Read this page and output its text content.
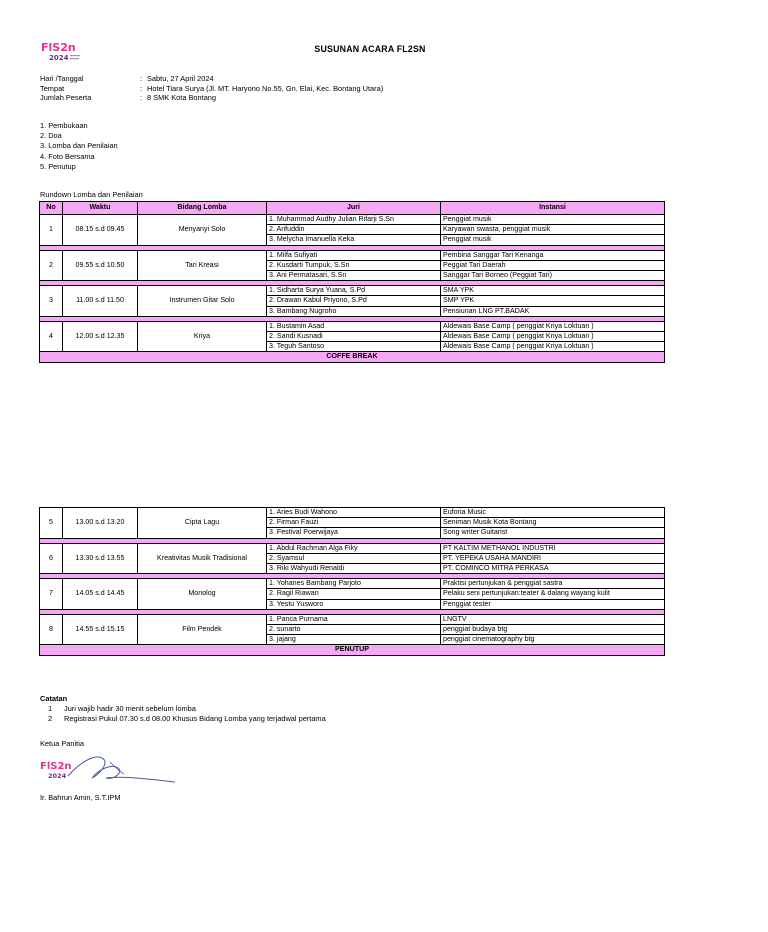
FlS2n
2024
SUSUNAN ACARA FL2SN
Hari /Tanggal	: Sabtu, 27 April 2024
Tempat	: Hotel Tiara Surya (Jl. MT. Haryono No.55, Gn. Elai, Kec. Bontang Utara)
Jumlah Peserta	: 8 SMK Kota Bontang
1. Pembukaan
2. Doa
3. Lomba dan Penilaian
4. Foto Bersama
5. Penutup
Rundown Lomba dan Penilaian
No	Waktu	Bidang Lomba	Juri	Instansi
1	08.15 s.d 09.45	Menyanyi Solo	1. Muhammad Audhy Julian Rifarji S.Sn	Penggiat musik
			2. Arifuddin	Karyawan swasta, penggiat musik
			3. Melycha Imanuella Keka	Penggiat musik

2	09.55 s.d 10.50	Tari Kreasi	1. Milfa Sufiyati	Pembina Sanggar Tari Kenanga
			2. Kusdarti Tumpuk, S.Sn	Peggiat Tari Daerah
			3. Ani Permatasari, S.Sn	Sanggar Tari Borneo (Peggiat Tari)

3	11.00 s.d 11.50	Instrumen Gitar Solo	1. Sidharta Surya Yuana, S.Pd	SMA YPK
			2. Drawan Kabul Priyono, S.Pd	SMP YPK
			3. Bambang Nugroho	Pensiunan LNG PT.BADAK

4	12.00 s.d 12.35	Kriya	1. Bustamin Asad	Aldewais Base Camp ( penggiat Kriya Loktuan )
			2. Sandi Kusnadi	Aldewais Base Camp ( penggiat Kriya Loktuan )
			3. Teguh Santoso	Aldewais Base Camp ( penggiat Kriya Loktuan )
COFFE BREAK				
5	13.00 s.d 13.20	Cipta Lagu	1. Aries Budi Wahono	Euforia Music
			2. Firman Fauzi	Seniman Musik Kota Bontang
			3. Festival Poerwijaya	Song writer Guitarist

6	13.30 s.d 13.55	Kreativitas Musik Tradisional	1. Abdul Rachman Alga Fiky	PT KALTIM METHANOL INDUSTRI
			2. Syamsul	PT. YEPEKA USAHA MANDIRI
			3. Riki Wahyudi Renaldi	PT. COMINCO MITRA PERKASA

7	14.05 s.d 14.45	Monolog	1. Yohanes Bambang Parjoto	Praktisi pertunjukan & penggiat sastra
			2. Ragil Riawan	Pelaku seni pertunjukan:teater & dalang wayang kulit
			3. Yestu Yusworo	Penggiat tester

8	14.55 s.d 15.15	Film Pendek	1. Panca Purnama	LNGTV
			2. sunarto	penggiat budaya btg
			3. jajang	penggiat cinematography btg
PENUTUP				
Catatan
1 Juri wajib hadir 30 menit sebelum lomba
2 Registrasi Pukul 07.30 s.d 08.00 Khusus Bidang Lomba yang terjadwal pertama
Ketua Panitia
FlS2n
2024
Ir. Bahrun Amin, S.T.IPM
